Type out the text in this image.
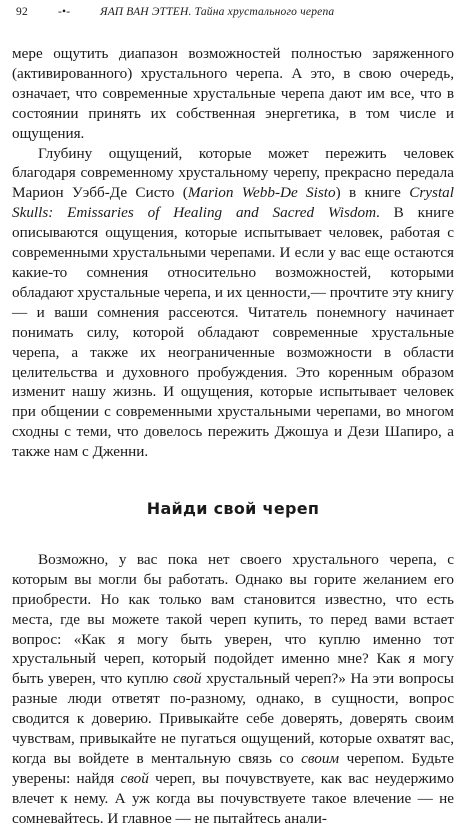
92	-•-	ЯАП ВАН ЭТТЕН. Тайна хрустального черепа

мере ощутить диапазон возможностей полностью заряженного (активированного) хрустального черепа. А это, в свою очередь, означает, что современные хрустальные черепа дают им все, что в состоянии принять их собственная энергетика, в том числе и ощущения.

Глубину ощущений, которые может пережить человек благодаря современному хрустальному черепу, прекрасно передала Марион Уэбб-Де Систо (Marion Webb-De Sisto) в книге Crystal Skulls: Emissaries of Healing and Sacred Wisdom. В книге описываются ощущения, которые испытывает человек, работая с современными хрустальными черепами. И если у вас еще остаются какие-то сомнения относительно возможностей, которыми обладают хрустальные черепа, и их ценности,— прочтите эту книгу — и ваши сомнения рассеются. Читатель понемногу начинает понимать силу, которой обладают современные хрустальные черепа, а также их неограниченные возможности в области целительства и духовного пробуждения. Это коренным образом изменит нашу жизнь. И ощущения, которые испытывает человек при общении с современными хрустальными черепами, во многом сходны с теми, что довелось пережить Джошуа и Дези Шапиро, а также нам с Дженни.

Найди свой череп

Возможно, у вас пока нет своего хрустального черепа, с которым вы могли бы работать. Однако вы горите желанием его приобрести. Но как только вам становится известно, что есть места, где вы можете такой череп купить, то перед вами встает вопрос: «Как я могу быть уверен, что куплю именно тот хрустальный череп, который подойдет именно мне? Как я могу быть уверен, что куплю свой хрустальный череп?» На эти вопросы разные люди ответят по-разному, однако, в сущности, вопрос сводится к доверию. Привыкайте себе доверять, доверять своим чувствам, привыкайте не пугаться ощущений, которые охватят вас, когда вы войдете в ментальную связь со своим черепом. Будьте уверены: найдя свой череп, вы почувствуете, как вас неудержимо влечет к нему. А уж когда вы почувствуете такое влечение — не сомневайтесь. И главное — не пытайтесь анали-
